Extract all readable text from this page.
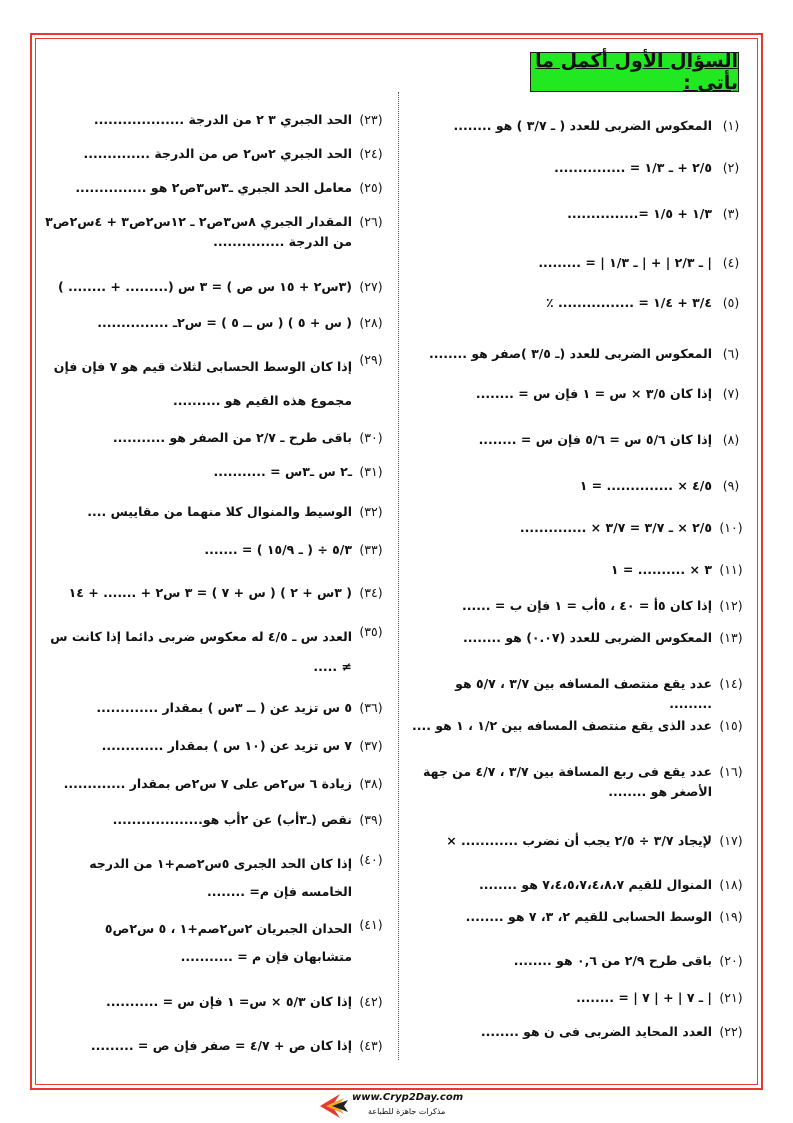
السؤال الأول أكمل ما يأتى :
(١)
المعكوس الضربى للعدد ( ـ ٣/٧ ) هو ........
(٢)
٢/٥ + ـ ١/٣ = ...............
(٣)
١/٣ + ١/٥ =...............
(٤)
| ـ ٢/٣ | + | ـ ١/٣ | = .........
(٥)
٣/٤ + ١/٤ = ................ ٪
(٦)
المعكوس الضربى للعدد (ـ ٣/٥ )صفر هو ........
(٧)
إذا كان ٣/٥ × س = ١ فإن س = ........
(٨)
إذا كان ٥/٦ س = ٥/٦ فإن س = ........
(٩)
٤/٥ × .............. = ١
(١٠)
٢/٥ × ـ ٣/٧ = ٣/٧ × ..............
(١١)
٣ × .......... = ١
(١٢)
إذا كان ٥أ = ٤٠ ، ٥أب = ١ فإن ب = ......
(١٣)
المعكوس الضربى للعدد (٠.٠٧) هو ........
(١٤)
عدد يقع منتصف المسافه بين ٣/٧ ، ٥/٧ هو .........
(١٥)
عدد الذى يقع منتصف المسافه بين ١/٢ ، ١ هو ....
(١٦)
عدد يقع فى ربع المسافة بين ٣/٧ ، ٤/٧ من جهة الأصغر هو ........
(١٧)
لإيجاد ٣/٧ ÷ ٢/٥ يجب أن نضرب ............ ×
(١٨)
المنوال للقيم ٧،٤،٥،٧،٤،٨،٧ هو ........
(١٩)
الوسط الحسابى للقيم ٢، ٣، ٧ هو ........
(٢٠)
باقى طرح ٢/٩ من ٠,٦ هو ........
(٢١)
| ـ ٧ | + | ٧ | = ........
(٢٢)
العدد المحايد الضربى فى ن هو ........
(٢٣)
الحد الجبري ٣ ٢ من الدرجة ...................
(٢٤)
الحد الجبري ٢س٢ ص من الدرجة ..............
(٢٥)
معامل الحد الجبري ـ٣س٣ص٢ هو ...............
(٢٦)
المقدار الجبري ٨س٣ص٢ ـ ١٢س٢ص٣ + ٤س٢ص٣ من الدرجة ...............
(٢٧)
(٣س٢ + ١٥ س ص ) = ٣ س (......... + ........ )
(٢٨)
( س + ٥ ) ( س ــ ٥ ) = س٢ـ ...............
(٢٩)
إذا كان الوسط الحسابى لثلاث قيم هو ٧ فإن فإن مجموع هذه القيم هو ..........
(٣٠)
باقى طرح ـ ٢/٧ من الصفر هو ...........
(٣١)
ـ٢ س ـ٣س = ...........
(٣٢)
الوسيط والمنوال كلا منهما من مقاييس ....
(٣٣)
٥/٣ ÷ ( ـ ١٥/٩ ) = .......
(٣٤)
( ٣س + ٢ ) ( س + ٧ ) = ٣ س٢ + ....... + ١٤
(٣٥)
العدد س ـ ٤/٥ له معكوس ضربى دائما إذا كانت س ≠ .....
(٣٦)
٥ س تزيد عن ( ــ ٣س ) بمقدار .............
(٣٧)
٧ س تزيد عن (١٠ س ) بمقدار .............
(٣٨)
زيادة ٦ س٢ص على ٧ س٢ص بمقدار .............
(٣٩)
نقص (ـ٣أب) عن ٢أب هو...................
(٤٠)
إذا كان الحد الجبرى ٥س٢صم+١ من الدرجه الخامسه فإن م= ........
(٤١)
الحدان الجبريان ٢س٢صم+١ ، ٥ س٢ص٥ متشابهان فإن م = ...........
(٤٢)
إذا كان ٥/٣ × س= ١ فإن س = ...........
(٤٣)
إذا كان ص + ٤/٧ = صفر فإن ص = .........
www.Cryp2Day.com
مذكرات جاهزة للطباعة
